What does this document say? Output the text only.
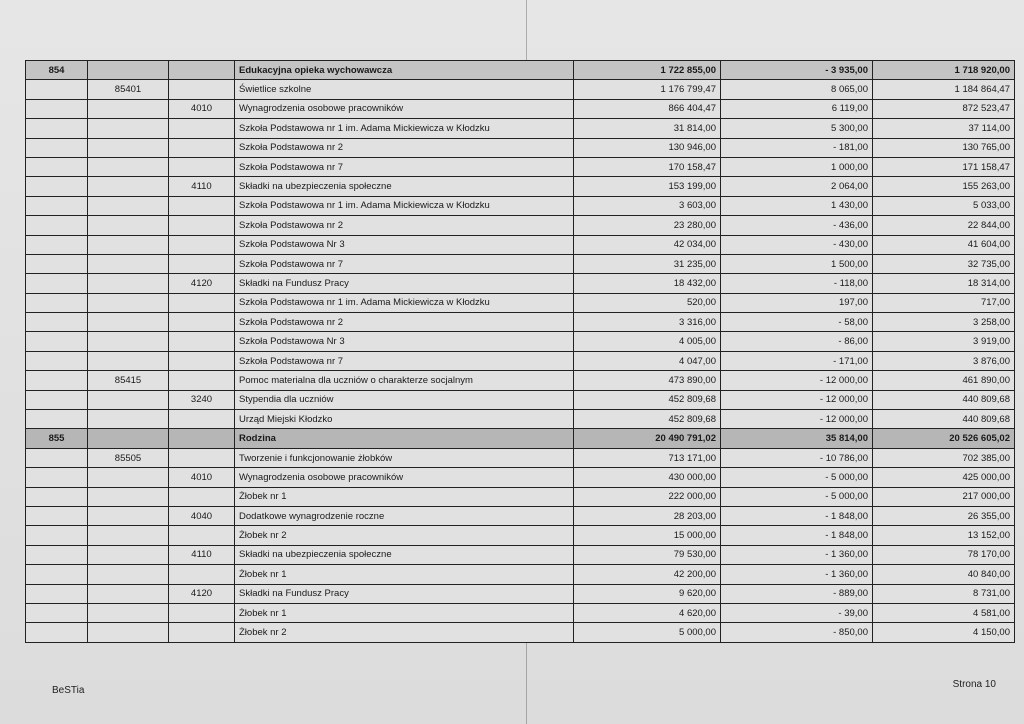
854			Edukacyjna opieka wychowawcza	1 722 855,00	- 3 935,00	1 718 920,00
	85401		Świetlice szkolne	1 176 799,47	8 065,00	1 184 864,47
		4010	Wynagrodzenia osobowe pracowników	866 404,47	6 119,00	872 523,47
			Szkoła Podstawowa nr 1 im. Adama Mickiewicza w Kłodzku	31 814,00	5 300,00	37 114,00
			Szkoła Podstawowa nr 2	130 946,00	- 181,00	130 765,00
			Szkoła Podstawowa nr 7	170 158,47	1 000,00	171 158,47
		4110	Składki na ubezpieczenia społeczne	153 199,00	2 064,00	155 263,00
			Szkoła Podstawowa nr 1 im. Adama Mickiewicza w Kłodzku	3 603,00	1 430,00	5 033,00
			Szkoła Podstawowa nr 2	23 280,00	- 436,00	22 844,00
			Szkoła Podstawowa Nr 3	42 034,00	- 430,00	41 604,00
			Szkoła Podstawowa nr 7	31 235,00	1 500,00	32 735,00
		4120	Składki na Fundusz Pracy	18 432,00	- 118,00	18 314,00
			Szkoła Podstawowa nr 1 im. Adama Mickiewicza w Kłodzku	520,00	197,00	717,00
			Szkoła Podstawowa nr 2	3 316,00	- 58,00	3 258,00
			Szkoła Podstawowa Nr 3	4 005,00	- 86,00	3 919,00
			Szkoła Podstawowa nr 7	4 047,00	- 171,00	3 876,00
	85415		Pomoc materialna dla uczniów o charakterze socjalnym	473 890,00	- 12 000,00	461 890,00
		3240	Stypendia dla uczniów	452 809,68	- 12 000,00	440 809,68
			Urząd Miejski Kłodzko	452 809,68	- 12 000,00	440 809,68
855			Rodzina	20 490 791,02	35 814,00	20 526 605,02
	85505		Tworzenie i funkcjonowanie żłobków	713 171,00	- 10 786,00	702 385,00
		4010	Wynagrodzenia osobowe pracowników	430 000,00	- 5 000,00	425 000,00
			Żłobek nr 1	222 000,00	- 5 000,00	217 000,00
		4040	Dodatkowe wynagrodzenie roczne	28 203,00	- 1 848,00	26 355,00
			Żłobek nr 2	15 000,00	- 1 848,00	13 152,00
		4110	Składki na ubezpieczenia społeczne	79 530,00	- 1 360,00	78 170,00
			Żłobek nr 1	42 200,00	- 1 360,00	40 840,00
		4120	Składki na Fundusz Pracy	9 620,00	- 889,00	8 731,00
			Żłobek nr 1	4 620,00	- 39,00	4 581,00
			Żłobek nr 2	5 000,00	- 850,00	4 150,00
BeSTia
Strona 10
